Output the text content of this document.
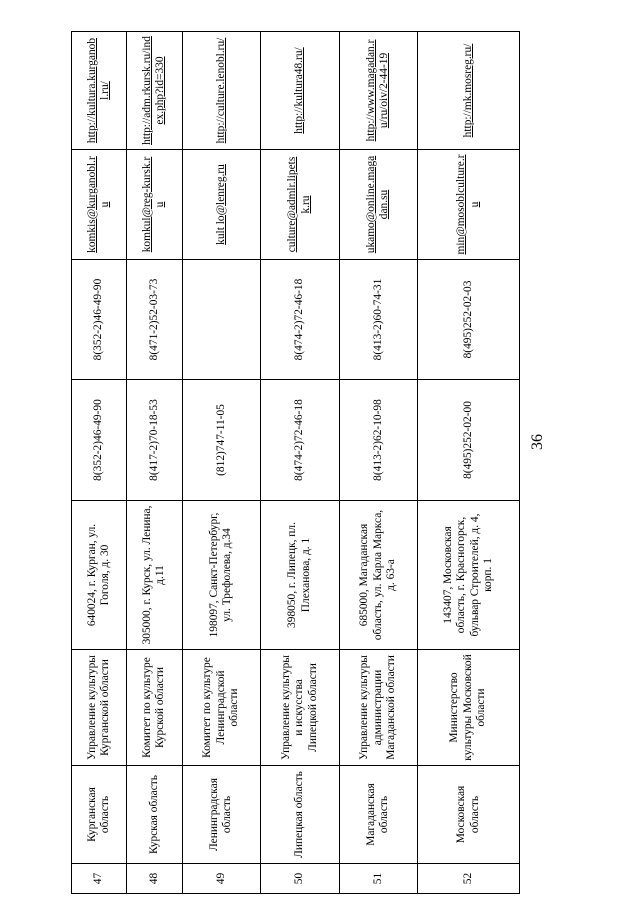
36
47	Курганская область	Управление культуры Курганской области	640024, г. Курган, ул. Гоголя, д. 30	8(352-2)46-49-90	8(352-2)46-49-90	komkis@kurganobl.ru	http://kultura.kurganobl.ru/
48	Курская область	Комитет по культуре Курской области	305000, г. Курск, ул. Ленина, д.11	8(417-2)70-18-53	8(471-2)52-03-73	komkul@reg-kursk.ru	http://adm.rkursk.ru/index.php?id=330
49	Ленинградская область	Комитет по культуре Ленинградской области	198097, Санкт-Петербург, ул. Трефолева, д.34	(812)747-11-05		kult lo@lenreg.ru	http://culture.lenobl.ru/
50	Липецкая область	Управление культуры и искусства Липецкой области	398050, г. Липецк, пл. Плеханова, д. 1	8(474-2)72-46-18	8(474-2)72-46-18	culture@admlr.lipetsk.ru	http://kultura48.ru/
51	Магаданская область	Управление культуры администрации Магаданской области	685000, Магаданская область, ул. Карла Маркса, д. 63-а	8(413-2)62-10-98	8(413-2)60-74-31	ukamo@online.magadan.su	http://www.magadan.ru/ru/oiv/2-44-19
52	Московская область	Министерство культуры Московской области	143407, Московская область, г. Красногорск, бульвар Строителей, д. 4, корп. 1	8(495)252-02-00	8(495)252-02-03	min@mosoblculture.ru	http://mk.mosreg.ru/
